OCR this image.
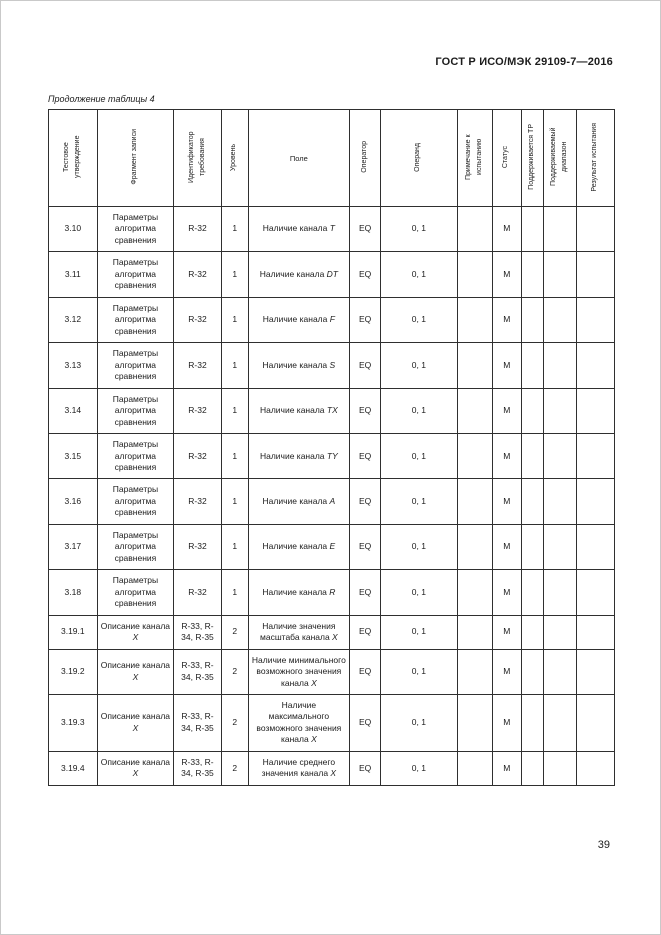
ГОСТ Р ИСО/МЭК 29109-7—2016
Продолжение таблицы 4
Тестовое утверждение	Фрагмент записи	Идентификатор требования	Уровень	Поле	Оператор	Операнд	Примечание к испытанию	Статус	Поддерживается ТР	Поддерживаемый диапазон	Результат испытания
3.10	Параметры алгоритма сравнения	R-32	1	Наличие канала T	EQ	0, 1		М			
3.11	Параметры алгоритма сравнения	R-32	1	Наличие канала DT	EQ	0, 1		М			
3.12	Параметры алгоритма сравнения	R-32	1	Наличие канала F	EQ	0, 1		М			
3.13	Параметры алгоритма сравнения	R-32	1	Наличие канала S	EQ	0, 1		М			
3.14	Параметры алгоритма сравнения	R-32	1	Наличие канала TX	EQ	0, 1		М			
3.15	Параметры алгоритма сравнения	R-32	1	Наличие канала TY	EQ	0, 1		М			
3.16	Параметры алгоритма сравнения	R-32	1	Наличие канала A	EQ	0, 1		М			
3.17	Параметры алгоритма сравнения	R-32	1	Наличие канала E	EQ	0, 1		М			
3.18	Параметры алгоритма сравнения	R-32	1	Наличие канала R	EQ	0, 1		М			
3.19.1	Описание канала X	R-33, R-34, R-35	2	Наличие значения масштаба канала X	EQ	0, 1		М			
3.19.2	Описание канала X	R-33, R-34, R-35	2	Наличие минимального возможного значения канала X	EQ	0, 1		М			
3.19.3	Описание канала X	R-33, R-34, R-35	2	Наличие максимального возможного значения канала X	EQ	0, 1		М			
3.19.4	Описание канала X	R-33, R-34, R-35	2	Наличие среднего значения канала X	EQ	0, 1		М			
39
